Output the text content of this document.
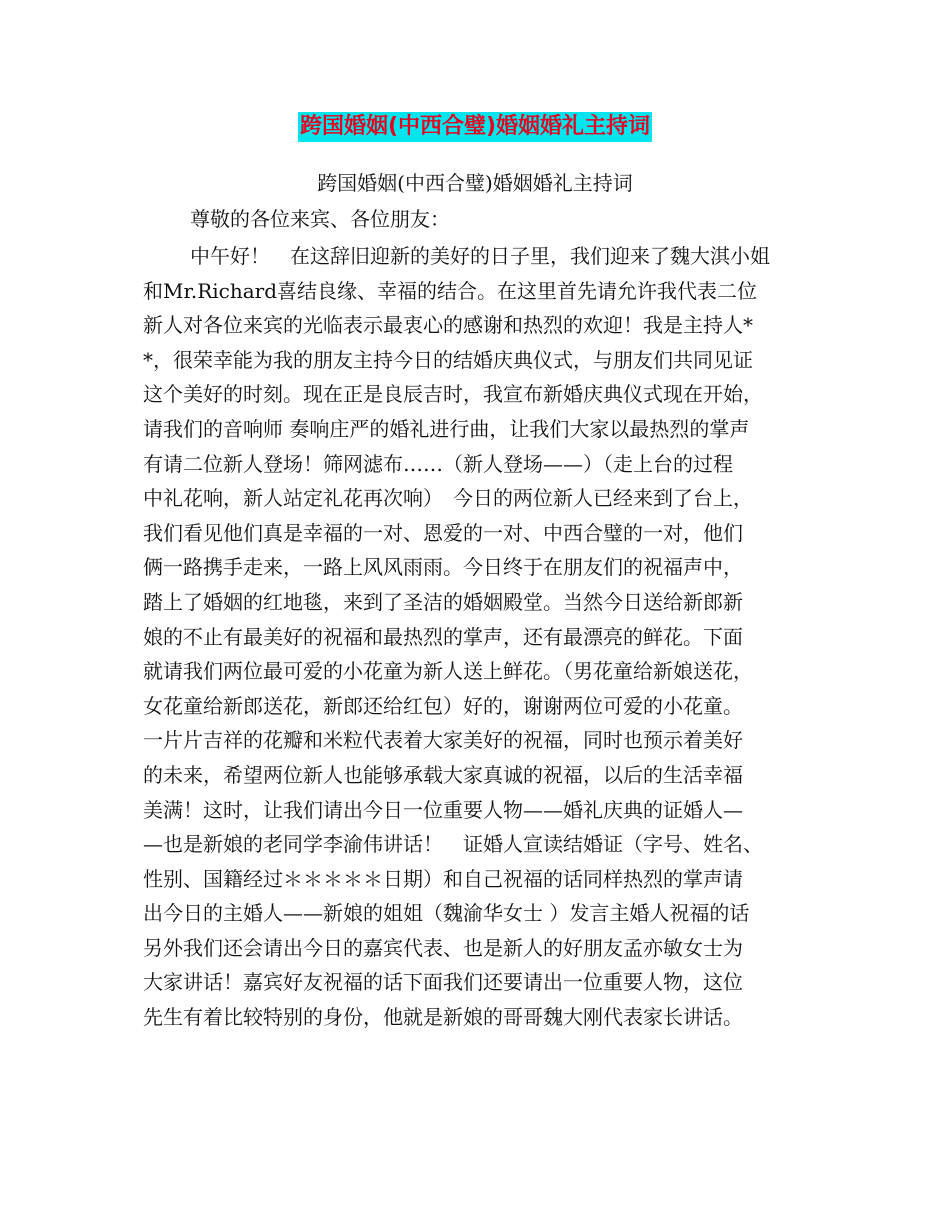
跨国婚姻(中西合璧)婚姻婚礼主持词
跨国婚姻(中西合璧)婚姻婚礼主持词
尊敬的各位来宾、各位朋友：
中午好！　在这辞旧迎新的美好的日子里，我们迎来了魏大淇小姐
和Mr.Richard喜结良缘、幸福的结合。在这里首先请允许我代表二位
新人对各位来宾的光临表示最衷心的感谢和热烈的欢迎！我是主持人*
*，很荣幸能为我的朋友主持今日的结婚庆典仪式，与朋友们共同见证
这个美好的时刻。现在正是良辰吉时，我宣布新婚庆典仪式现在开始，
请我们的音响师 奏响庄严的婚礼进行曲，让我们大家以最热烈的掌声
有请二位新人登场！筛网滤布……（新人登场——）（走上台的过程
中礼花响，新人站定礼花再次响）　今日的两位新人已经来到了台上，
我们看见他们真是幸福的一对、恩爱的一对、中西合璧的一对，他们
俩一路携手走来，一路上风风雨雨。今日终于在朋友们的祝福声中，
踏上了婚姻的红地毯，来到了圣洁的婚姻殿堂。当然今日送给新郎新
娘的不止有最美好的祝福和最热烈的掌声，还有最漂亮的鲜花。下面
就请我们两位最可爱的小花童为新人送上鲜花。（男花童给新娘送花，
女花童给新郎送花，新郎还给红包）好的，谢谢两位可爱的小花童。
一片片吉祥的花瓣和米粒代表着大家美好的祝福，同时也预示着美好
的未来，希望两位新人也能够承载大家真诚的祝福，以后的生活幸福
美满！这时，让我们请出今日一位重要人物——婚礼庆典的证婚人—
—也是新娘的老同学李渝伟讲话！　证婚人宣读结婚证（字号、姓名、
性别、国籍经过＊＊＊＊＊日期）和自己祝福的话同样热烈的掌声请
出今日的主婚人——新娘的姐姐（魏渝华女士 ）发言主婚人祝福的话
另外我们还会请出今日的嘉宾代表、也是新人的好朋友孟亦敏女士为
大家讲话！嘉宾好友祝福的话下面我们还要请出一位重要人物，这位
先生有着比较特别的身份，他就是新娘的哥哥魏大刚代表家长讲话。
